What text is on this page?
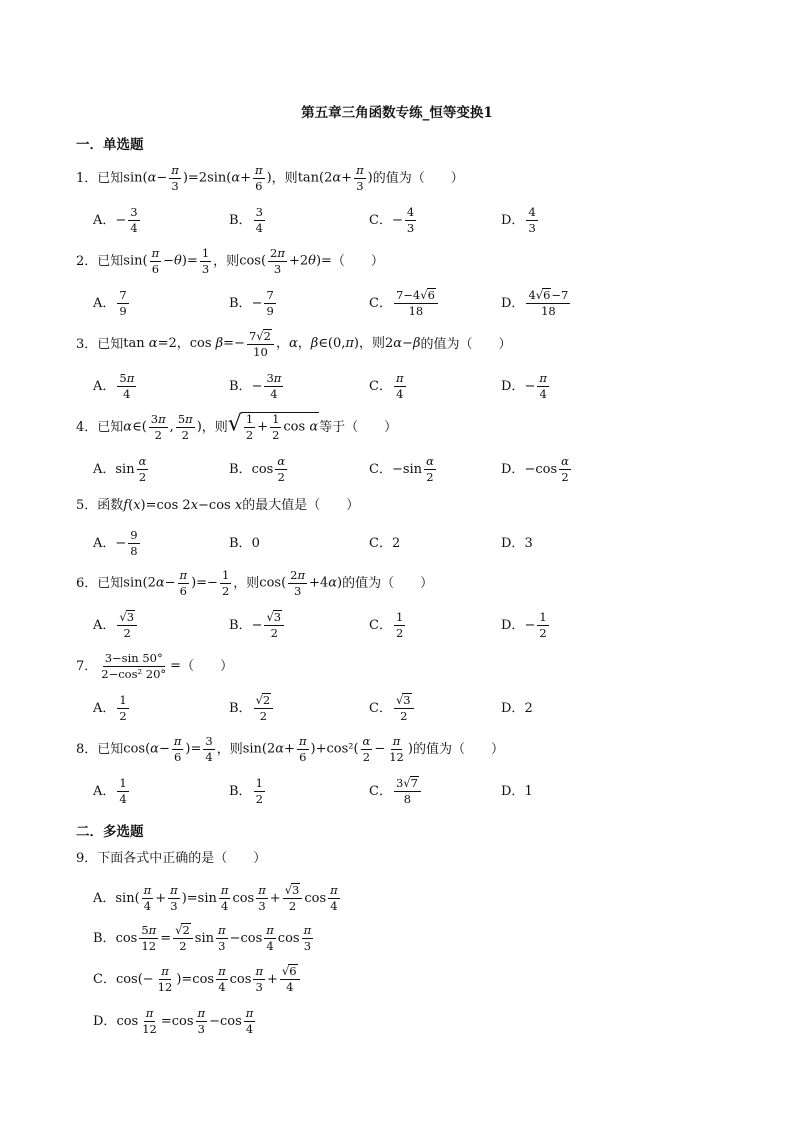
第五章三角函数专练_恒等变换1
一．单选题
1． 已知 $\sin(\alpha- \frac{\pi}{3} )=2\sin(\alpha+ \frac{\pi}{6}$ ) ，则 $\tan(2\alpha+ \frac{\pi}{3}$ ) 的值为（　　）
A． −
3
4	B．
3
4	C． −
4
3	D．
4
3
2． 已知 $\sin( \frac{\pi}{6} -\theta)= \frac{1}{3}$ ，则 $\cos( \frac{2\pi}{3} +2\theta)=$ （　　）
A．
7
9	B． −
7
9	C．
7−4√6
18
D．
4√6−7
18
3． 已知 tan α=2，$\cos \beta=- \frac{7√2}{10}$ ，α，β∈(0,π)，则2α−β 的值为（　　）
A．
5π
4	B． −
3π
4	C．
π
4	D． −
π
4
4． 已知 α∈( $\frac{3\pi}{2}$ , $\frac{5\pi}{2}$ ) ，则 √ $\frac{1}{2} + \frac{1}{2}$ cos α 等于（　　）
A． sin
α
2	B． cos
α
2	C． −sin
α
2	D． −cos
α
2
5． 函数 f(x)=cos 2x−cos x 的最大值是（　　）
A． −
9
8	B． 0	C． 2	D． 3
6． 已知 $\sin(2\alpha- \frac{\pi}{6}$ )=− $\frac{1}{2}$ ，则 $\cos( \frac{2\pi}{3} +4\alpha)$ 的值为（　　）
A．
√3
2
B． −
√3
2
C．
1
2	D． −
1
2
7． $\frac{3-\sin 50^\circ}{\text{2−cos² 20°}}$ = （　　）
A．
1
2	B．
√2
2
C．
√3
2
D． 2
8． 已知 $\cos(\alpha- \frac{\pi}{6}$ )= $\frac{3}{4}$ ，则 $\sin(2\alpha+ \frac{\pi}{6} )+\cos^2( \frac{\alpha}{2} - \frac{\pi}{12}$ ) 的值为（　　）
A．
1
4	B．
1
2	C．
3√7
8
D． 1
二．多选题
9．下面各式中正确的是（　　）
A． sin(
π
4 +
π
3 )=sin
π
4 cos
π
3 +
√3
2
cos
π
4
B． cos
5π
12 =
√2
2
sin
π
3 −cos
π
4 cos
π
3
C． cos(−
π
12 )=cos
π
4 cos
π
3 +
√6
4
D． cos
π
12 =cos
π
3 −cos
π
4
